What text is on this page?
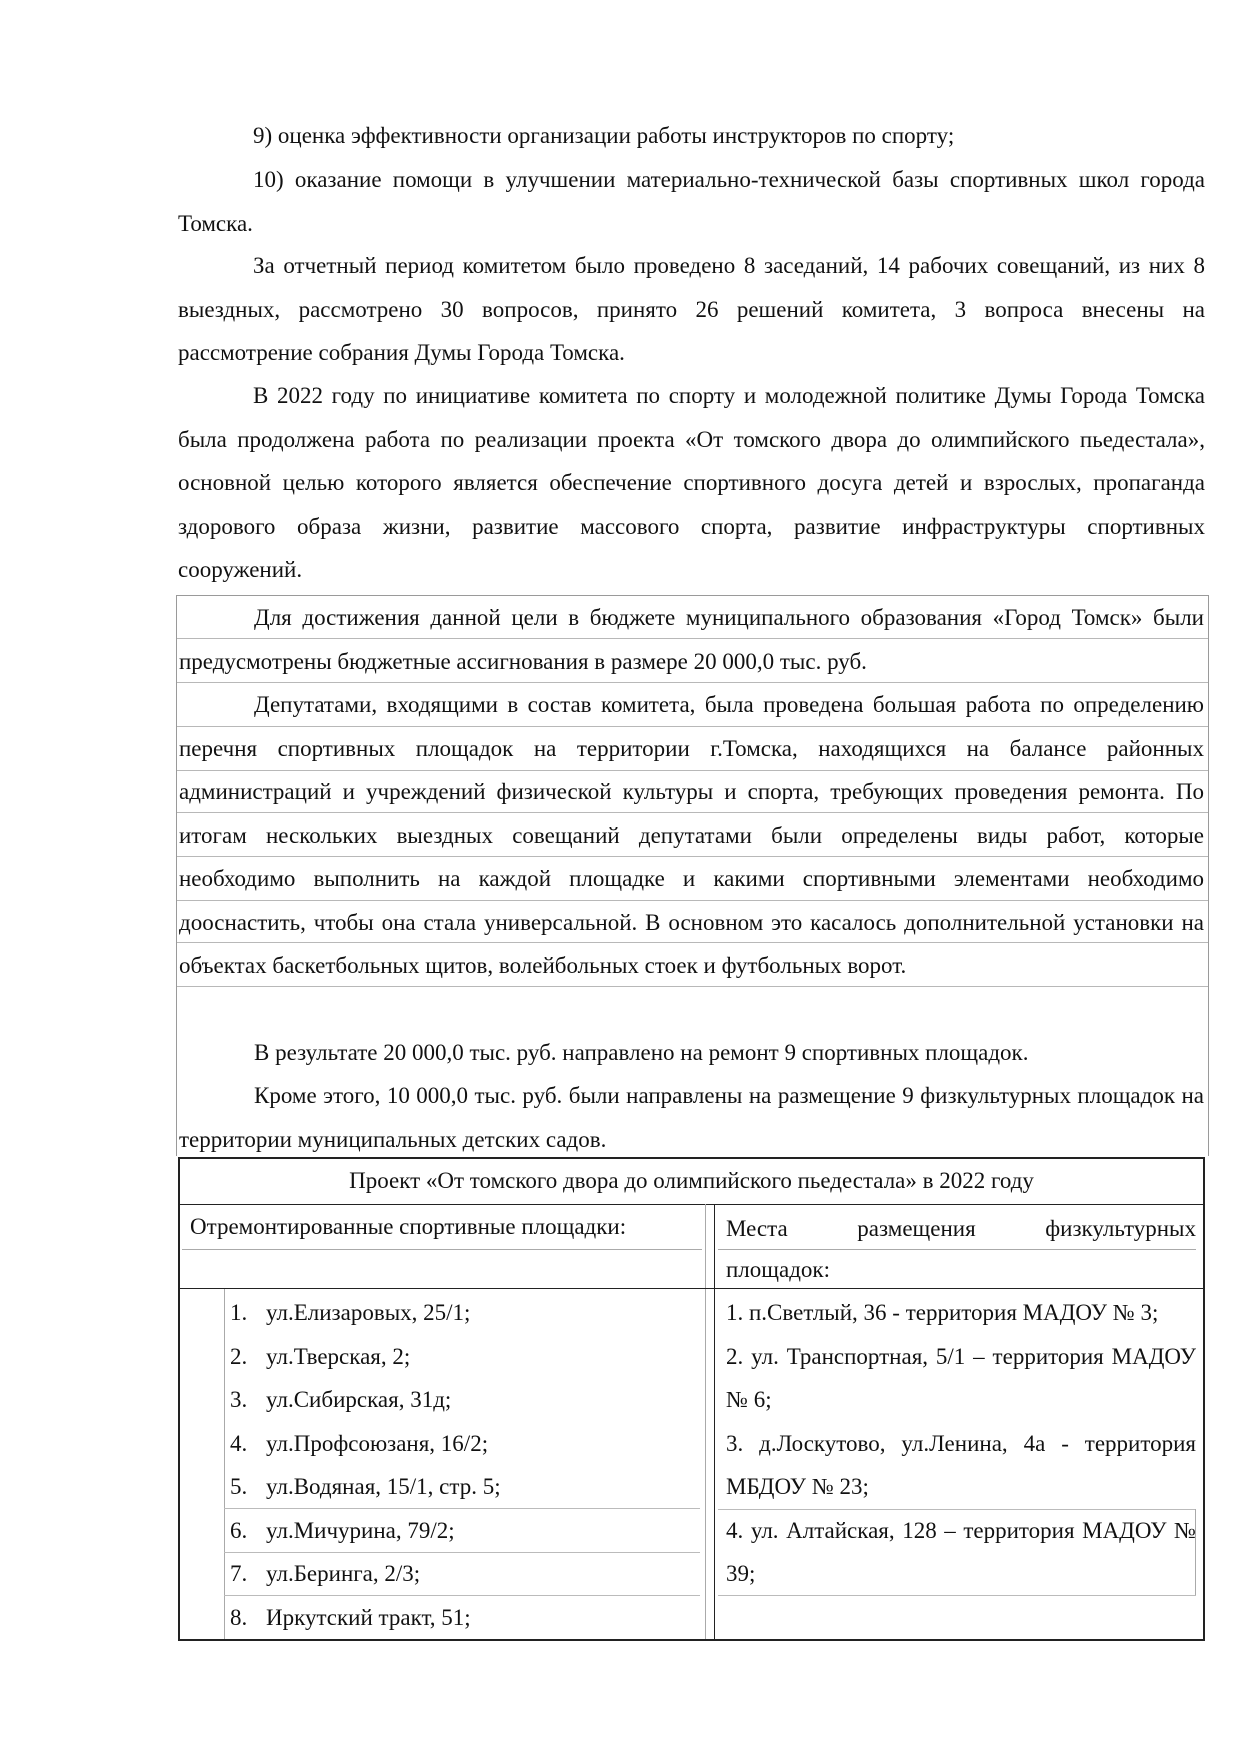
9) оценка эффективности организации работы инструкторов по спорту;

10) оказание помощи в улучшении материально-технической базы спортивных школ города Томска.

За отчетный период комитетом было проведено 8 заседаний, 14 рабочих совещаний, из них 8 выездных, рассмотрено 30 вопросов, принято 26 решений комитета, 3 вопроса внесены на рассмотрение собрания Думы Города Томска.

В 2022 году по инициативе комитета по спорту и молодежной политике Думы Города Томска была продолжена работа по реализации проекта «От томского двора до олимпийского пьедестала», основной целью которого является обеспечение спортивного досуга детей и взрослых, пропаганда здорового образа жизни, развитие массового спорта, развитие инфраструктуры спортивных сооружений.

Для достижения данной цели в бюджете муниципального образования «Город Томск» были предусмотрены бюджетные ассигнования в размере 20 000,0 тыс. руб.

Депутатами, входящими в состав комитета, была проведена большая работа по определению перечня спортивных площадок на территории г.Томска, находящихся на балансе районных администраций и учреждений физической культуры и спорта, требующих проведения ремонта. По итогам нескольких выездных совещаний депутатами были определены виды работ, которые необходимо выполнить на каждой площадке и какими спортивными элементами необходимо дооснастить, чтобы она стала универсальной. В основном это касалось дополнительной установки на объектах баскетбольных щитов, волейбольных стоек и футбольных ворот.

В результате 20 000,0 тыс. руб. направлено на ремонт 9 спортивных площадок.

Кроме этого, 10 000,0 тыс. руб. были направлены на размещение 9 физкультурных площадок на территории муниципальных детских садов.

Проект «От томского двора до олимпийского пьедестала» в 2022 году
Отремонтированные спортивные площадки:	Места размещения физкультурных
площадок:
1. ул.Елизаровых, 25/1;
2. ул.Тверская, 2;
3. ул.Сибирская, 31д;
4. ул.Профсоюзаня, 16/2;
5. ул.Водяная, 15/1, стр. 5;
6. ул.Мичурина, 79/2;
7. ул.Беринга, 2/3;
8. Иркутский тракт, 51;

1. п.Светлый, 36 - территория МАДОУ № 3;

2. ул. Транспортная, 5/1 – территория МАДОУ № 6;

3. д.Лоскутово, ул.Ленина, 4а - территория МБДОУ № 23;

4. ул. Алтайская, 128 – территория МАДОУ № 39;
